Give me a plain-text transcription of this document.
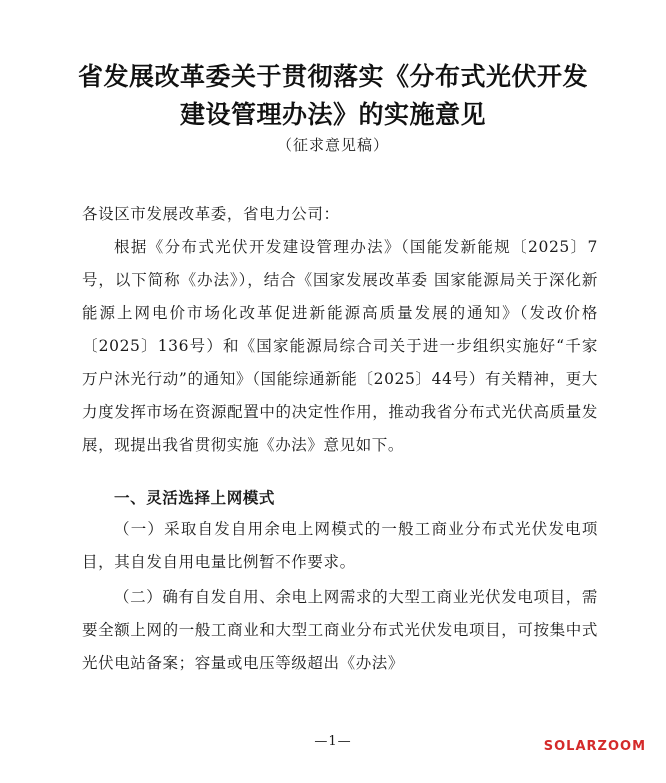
省发展改革委关于贯彻落实《分布式光伏开发
建设管理办法》的实施意见
（征求意见稿）
各设区市发展改革委，省电力公司：
根据《分布式光伏开发建设管理办法》（国能发新能规〔2025〕7号，以下简称《办法》），结合《国家发展改革委 国家能源局关于深化新能源上网电价市场化改革促进新能源高质量发展的通知》（发改价格〔2025〕136号）和《国家能源局综合司关于进一步组织实施好“千家万户沐光行动”的通知》（国能综通新能〔2025〕44号）有关精神，更大力度发挥市场在资源配置中的决定性作用，推动我省分布式光伏高质量发展，现提出我省贯彻实施《办法》意见如下。
一、灵活选择上网模式
（一）采取自发自用余电上网模式的一般工商业分布式光伏发电项目，其自发自用电量比例暂不作要求。
（二）确有自发自用、余电上网需求的大型工商业光伏发电项目，需要全额上网的一般工商业和大型工商业分布式光伏发电项目，可按集中式光伏电站备案；容量或电压等级超出《办法》
—1—	SOLARZOOM
